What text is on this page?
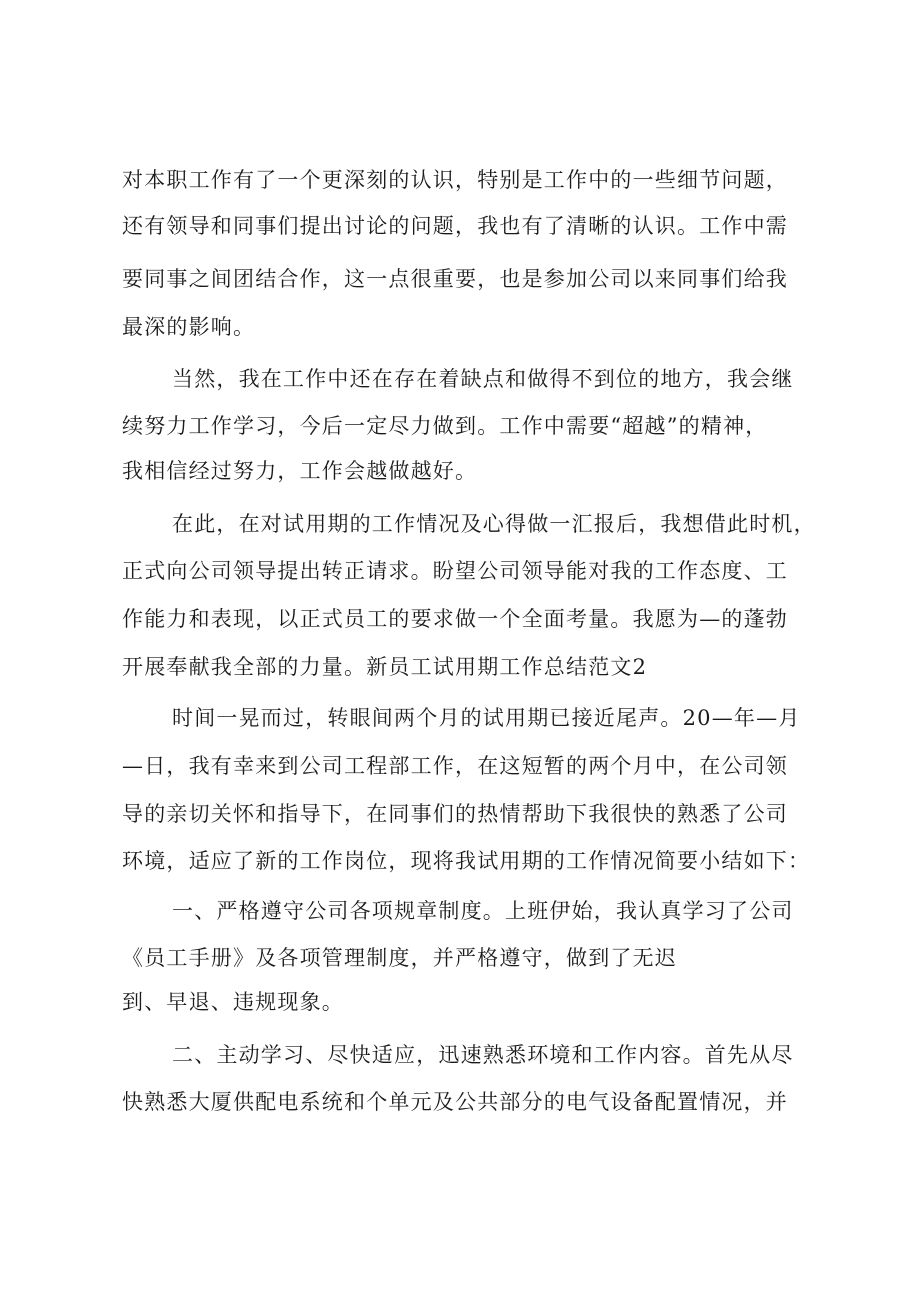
对本职工作有了一个更深刻的认识，特别是工作中的一些细节问题，
还有领导和同事们提出讨论的问题，我也有了清晰的认识。工作中需
要同事之间团结合作，这一点很重要，也是参加公司以来同事们给我
最深的影响。
当然，我在工作中还在存在着缺点和做得不到位的地方，我会继
续努力工作学习，今后一定尽力做到。工作中需要“超越”的精神，
我相信经过努力，工作会越做越好。
在此，在对试用期的工作情况及心得做一汇报后，我想借此时机，
正式向公司领导提出转正请求。盼望公司领导能对我的工作态度、工
作能力和表现，以正式员工的要求做一个全面考量。我愿为—的蓬勃
开展奉献我全部的力量。新员工试用期工作总结范文2
时间一晃而过，转眼间两个月的试用期已接近尾声。20—年—月
—日，我有幸来到公司工程部工作，在这短暂的两个月中，在公司领
导的亲切关怀和指导下，在同事们的热情帮助下我很快的熟悉了公司
环境，适应了新的工作岗位，现将我试用期的工作情况简要小结如下：
一、严格遵守公司各项规章制度。上班伊始，我认真学习了公司
《员工手册》及各项管理制度，并严格遵守，做到了无迟
到、早退、违规现象。
二、主动学习、尽快适应，迅速熟悉环境和工作内容。首先从尽
快熟悉大厦供配电系统和个单元及公共部分的电气设备配置情况，并
